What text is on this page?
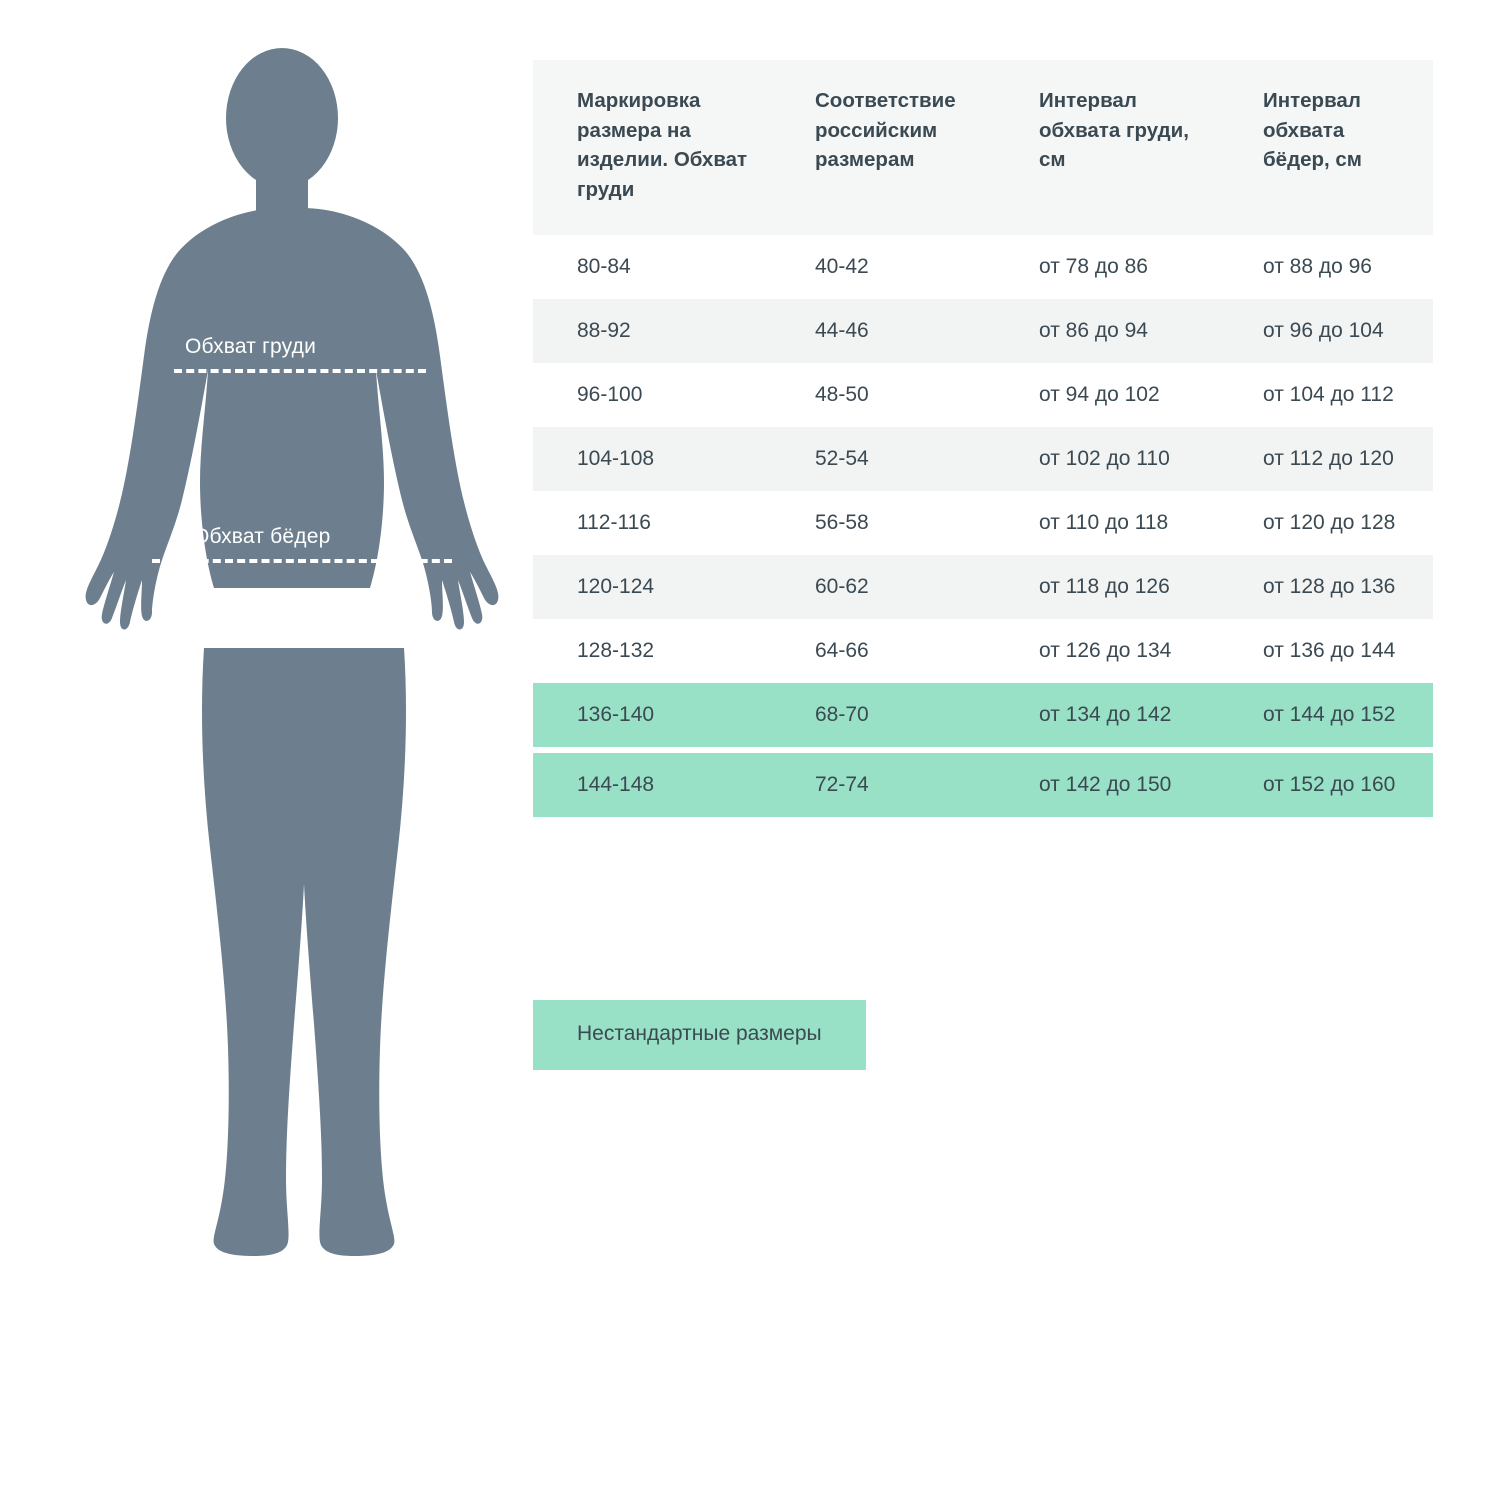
Обхват груди
Обхват бёдер
Маркировка размера на изделии. Обхват груди	Соответствие российским размерам	Интервал обхвата груди, см	Интервал обхвата бёдер, см
80-84	40-42	от 78 до 86	от 88 до 96
88-92	44-46	от 86 до 94	от 96 до 104
96-100	48-50	от 94 до 102	от 104 до 112
104-108	52-54	от 102 до 110	от 112 до 120
112-116	56-58	от 110 до 118	от 120 до 128
120-124	60-62	от 118 до 126	от 128 до 136
128-132	64-66	от 126 до 134	от 136 до 144
136-140	68-70	от 134 до 142	от 144 до 152

144-148	72-74	от 142 до 150	от 152 до 160
Нестандартные размеры
